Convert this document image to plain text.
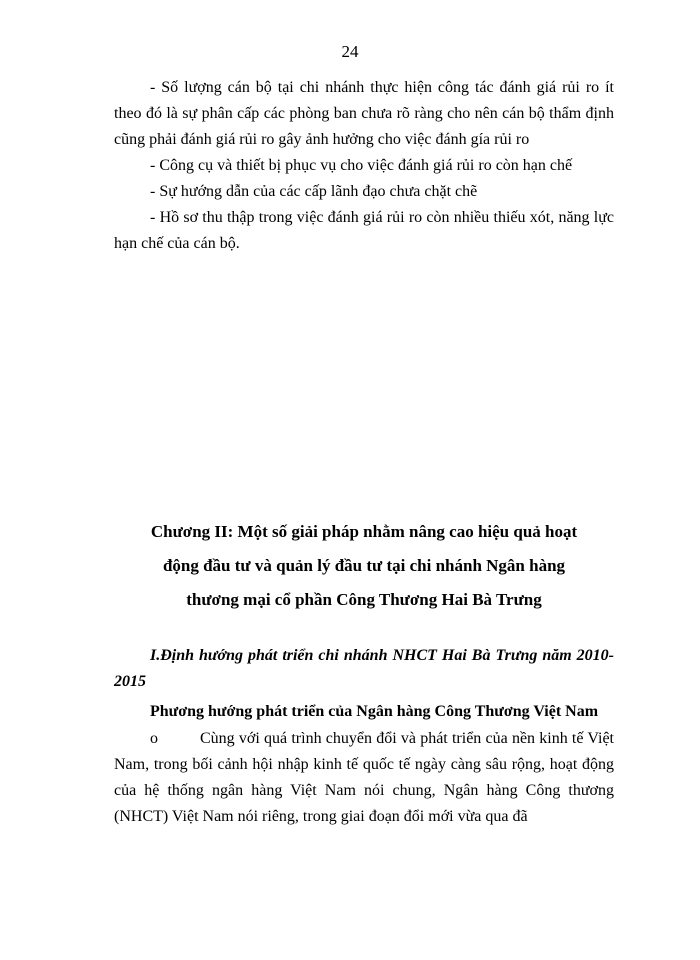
24

- Số lượng cán bộ tại chi nhánh thực hiện công tác đánh giá rủi ro ít theo đó là sự phân cấp các phòng ban chưa rõ ràng cho nên cán bộ thẩm định cũng phải đánh giá rủi ro gây ảnh hưởng cho việc đánh gía rủi ro

- Công cụ và thiết bị phục vụ cho việc đánh giá rủi ro còn hạn chế

- Sự hướng dẫn của các cấp lãnh đạo chưa chặt chẽ

- Hồ sơ thu thập trong việc đánh giá rủi ro còn nhiều thiếu xót, năng lực hạn chế của cán bộ.

Chương II: Một số giải pháp nhằm nâng cao hiệu quả hoạt
động đầu tư và quản lý đầu tư tại chi nhánh Ngân hàng
thương mại cổ phần Công Thương Hai Bà Trưng
I.Định hướng phát triển chi nhánh NHCT Hai Bà Trưng năm 2010- 2015
Phương hướng phát triển của Ngân hàng Công Thương Việt Nam

o	Cùng với quá trình chuyển đổi và phát triển của nền kinh tế Việt Nam, trong bối cảnh hội nhập kinh tế quốc tế ngày càng sâu rộng, hoạt động của hệ thống ngân hàng Việt Nam nói chung, Ngân hàng Công thương (NHCT) Việt Nam nói riêng, trong giai đoạn đổi mới vừa qua đã
